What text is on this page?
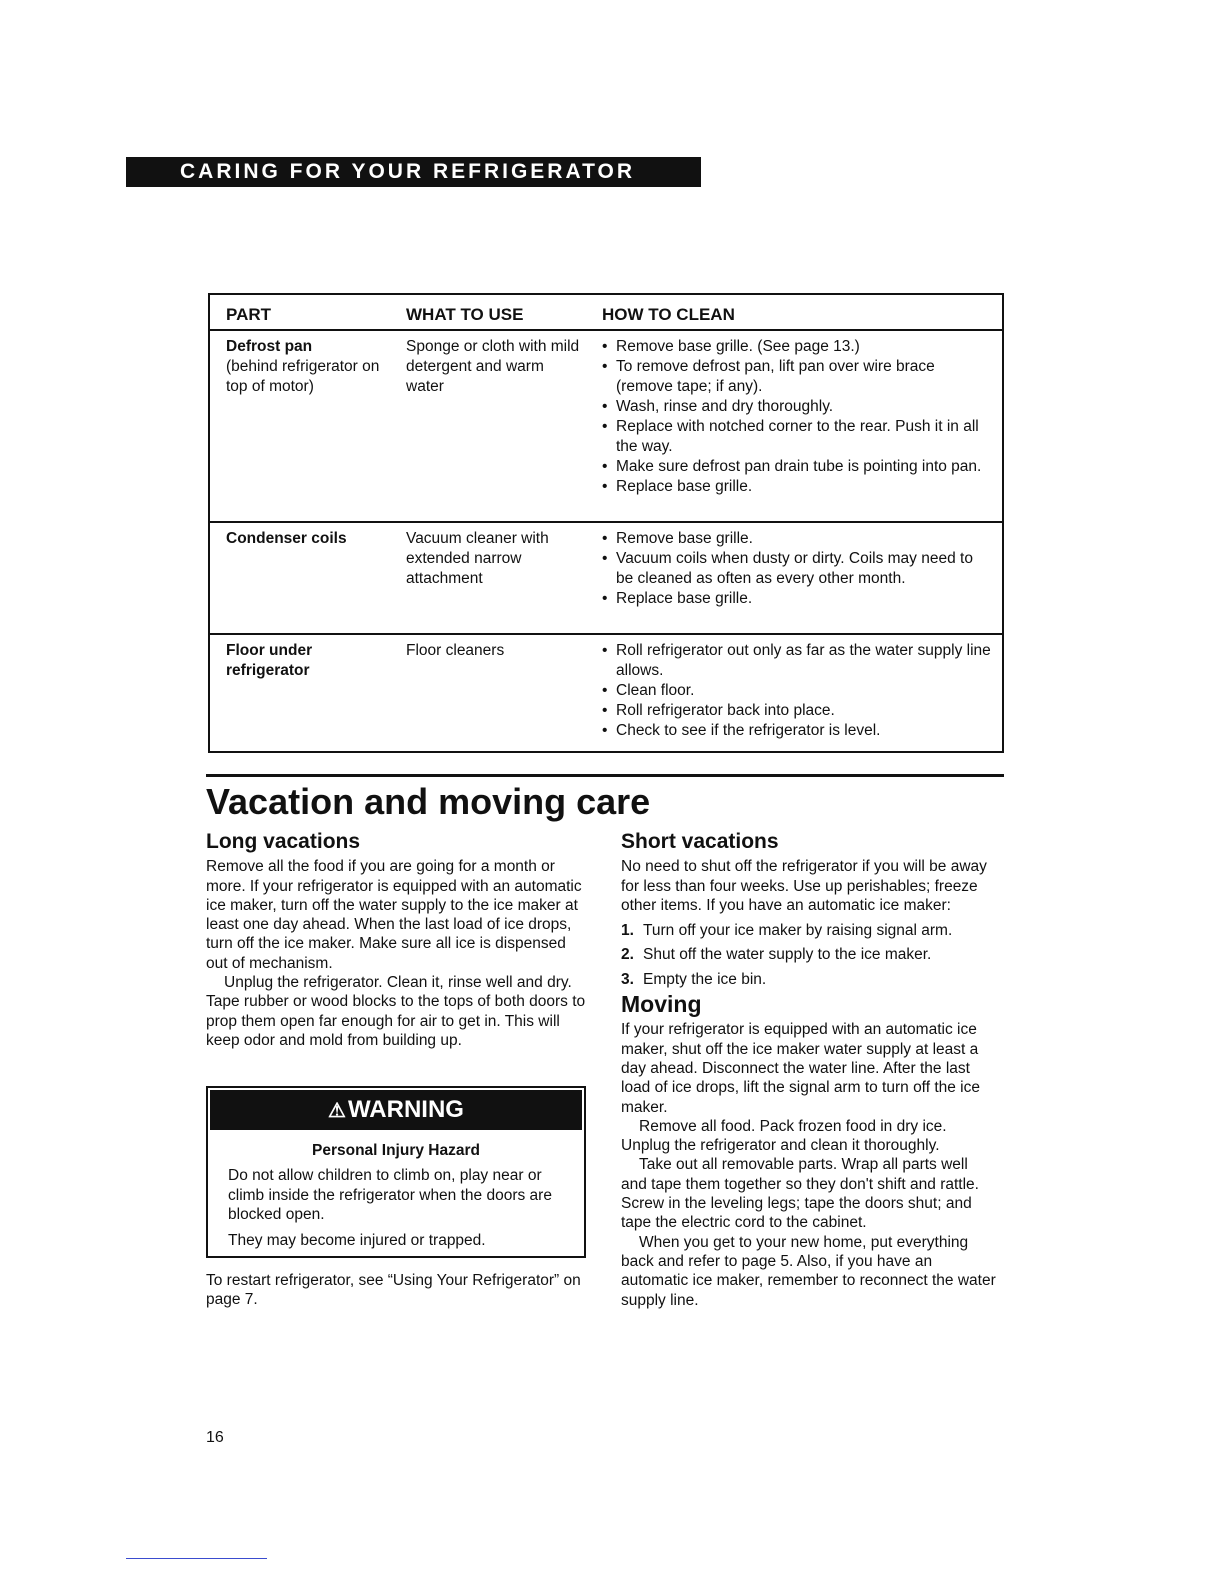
CARING FOR YOUR REFRIGERATOR
PART	WHAT TO USE	HOW TO CLEAN
Defrost pan
(behind refrigerator on top of motor)
Sponge or cloth with mild detergent and warm water
• Remove base grille. (See page 13.)
• To remove defrost pan, lift pan over wire brace (remove tape; if any).
• Wash, rinse and dry thoroughly.
• Replace with notched corner to the rear. Push it in all the way.
• Make sure defrost pan drain tube is pointing into pan.
• Replace base grille.
Condenser coils	Vacuum cleaner with extended narrow attachment
• Remove base grille.
• Vacuum coils when dusty or dirty. Coils may need to be cleaned as often as every other month.
• Replace base grille.
Floor under refrigerator
Floor cleaners
•	Roll refrigerator out only as far as the water supply line allows.
• Clean floor.
• Roll refrigerator back into place.
• Check to see if the refrigerator is level.
Vacation and moving care
Long vacations

Remove all the food if you are going for a month or more. If your refrigerator is equipped with an automatic ice maker, turn off the water supply to the ice maker at least one day ahead. When the last load of ice drops, turn off the ice maker. Make sure all ice is dispensed out of mechanism.

Unplug the refrigerator. Clean it, rinse well and dry. Tape rubber or wood blocks to the tops of both doors to prop them open far enough for air to get in. This will keep odor and mold from building up.

⚠WARNING
Personal Injury Hazard

Do not allow children to climb on, play near or climb inside the refrigerator when the doors are blocked open.

They may become injured or trapped.

To restart refrigerator, see “Using Your Refrigerator” on page 7.
Short vacations

No need to shut off the refrigerator if you will be away for less than four weeks. Use up perishables; freeze other items. If you have an automatic ice maker:

1. Turn off your ice maker by raising signal arm.
2. Shut off the water supply to the ice maker.
3. Empty the ice bin.
Moving

If your refrigerator is equipped with an automatic ice maker, shut off the ice maker water supply at least a day ahead. Disconnect the water line. After the last load of ice drops, lift the signal arm to turn off the ice maker.

Remove all food. Pack frozen food in dry ice. Unplug the refrigerator and clean it thoroughly.

Take out all removable parts. Wrap all parts well and tape them together so they don't shift and rattle. Screw in the leveling legs; tape the doors shut; and tape the electric cord to the cabinet.

When you get to your new home, put everything back and refer to page 5. Also, if you have an automatic ice maker, remember to reconnect the water supply line.

16
